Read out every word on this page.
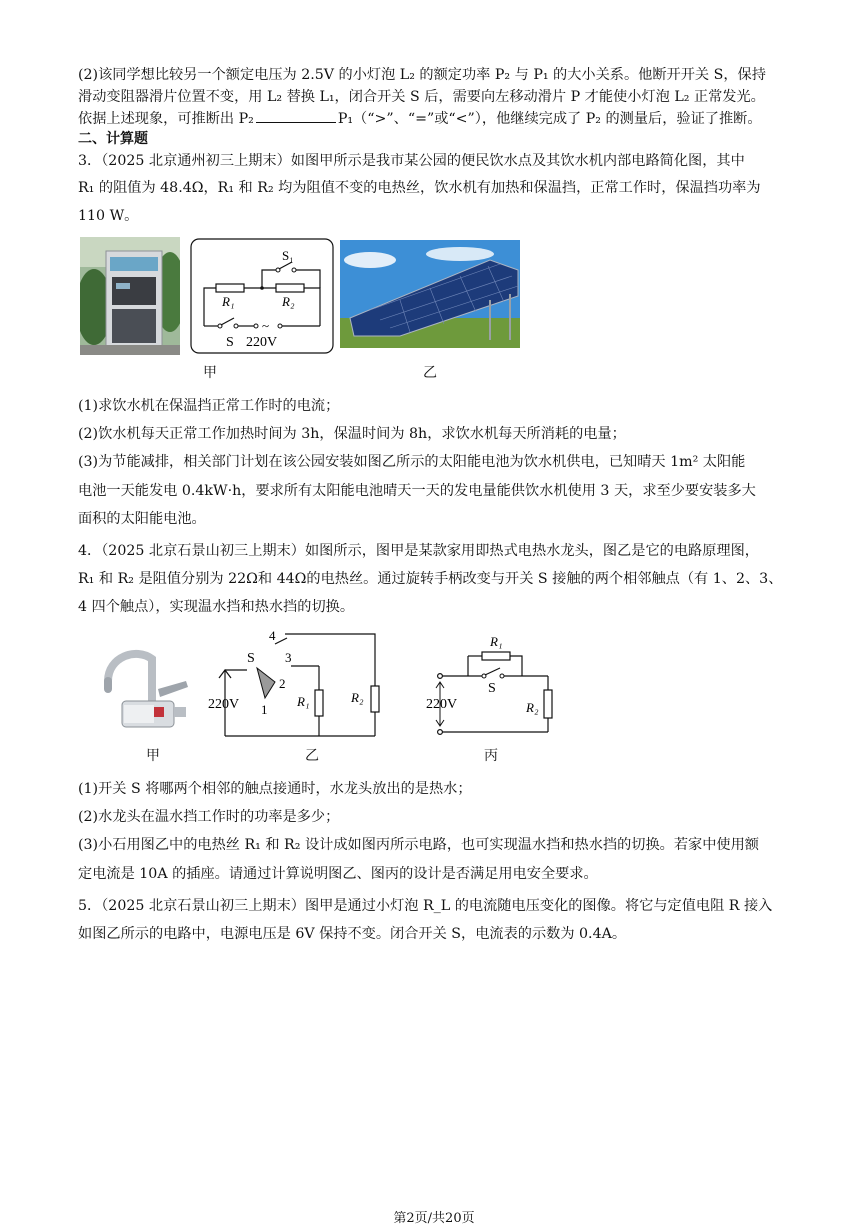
(2)该同学想比较另一个额定电压为 2.5V 的小灯泡 L₂ 的额定功率 P₂ 与 P₁ 的大小关系。他断开开关 S，保持
滑动变阻器滑片位置不变，用 L₂ 替换 L₁，闭合开关 S 后，需要向左移动滑片 P 才能使小灯泡 L₂ 正常发光。
依据上述现象，可推断出 P₂	P₁（“>”、“=”或“<”），他继续完成了 P₂ 的测量后，验证了推断。
二、计算题
3．（2025 北京通州初三上期末）如图甲所示是我市某公园的便民饮水点及其饮水机内部电路简化图，其中
R₁ 的阻值为 48.4Ω，R₁ 和 R₂ 均为阻值不变的电热丝，饮水机有加热和保温挡，正常工作时，保温挡功率为
110 W。
S₁
R₁	R₂
~
S 220V
甲	乙
(1)求饮水机在保温挡正常工作时的电流；
(2)饮水机每天正常工作加热时间为 3h，保温时间为 8h，求饮水机每天所消耗的电量；
(3)为节能减排，相关部门计划在该公园安装如图乙所示的太阳能电池为饮水机供电，已知晴天 1m² 太阳能
电池一天能发电 0.4kW·h，要求所有太阳能电池晴天一天的发电量能供饮水机使用 3 天，求至少要安装多大
面积的太阳能电池。
4．（2025 北京石景山初三上期末）如图所示，图甲是某款家用即热式电热水龙头，图乙是它的电路原理图，
R₁ 和 R₂ 是阻值分别为 22Ω和 44Ω的电热丝。通过旋转手柄改变与开关 S 接触的两个相邻触点（有 1、2、3、
4 四个触点），实现温水挡和热水挡的切换。
220V
4
3
S
2
1
R₁	R₂
R₁
S
R₂
220V
甲	乙	丙
(1)开关 S 将哪两个相邻的触点接通时，水龙头放出的是热水；
(2)水龙头在温水挡工作时的功率是多少；
(3)小石用图乙中的电热丝 R₁ 和 R₂ 设计成如图丙所示电路，也可实现温水挡和热水挡的切换。若家中使用额
定电流是 10A 的插座。请通过计算说明图乙、图丙的设计是否满足用电安全要求。
5．（2025 北京石景山初三上期末）图甲是通过小灯泡 R_L 的电流随电压变化的图像。将它与定值电阻 R 接入
如图乙所示的电路中，电源电压是 6V 保持不变。闭合开关 S，电流表的示数为 0.4A。
第2页/共20页
